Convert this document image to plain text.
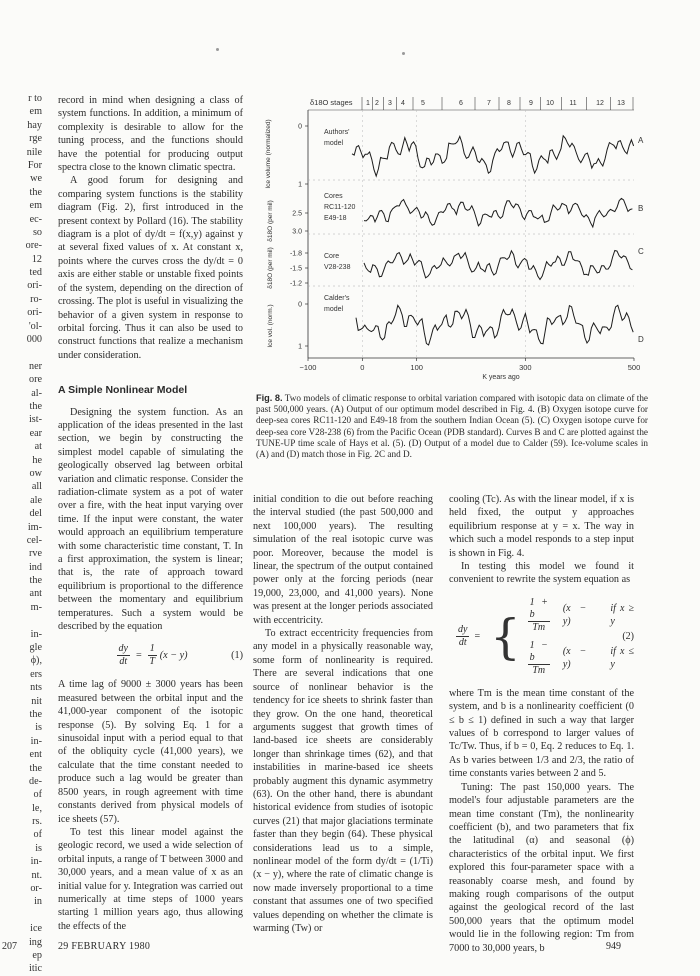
r to
em
hay
rge
nile
For
we
the
em
ec-
so
ore-
12
ted
ori-
ro-
ori-
'ol-
000
ner
ore
al-
the
ist-
ear
at
he
ow
all
ale
del
im-
cel-
rve
ind
the
ant
m-
in-
gle
ϕ),
ers
nts
nit
the
is
in-
ent
the
de-
of
le,
rs.
of
is
in-
nt.
or-
in
ice
ing
ep
itic

record in mind when designing a class of system functions. In addition, a minimum of complexity is desirable to allow for the tuning process, and the functions should have the potential for producing output spectra close to the known climatic spectra.

A good forum for designing and comparing system functions is the stability diagram (Fig. 2), first introduced in the present context by Pollard (16). The stability diagram is a plot of dy/dt = f(x,y) against y at several fixed values of x. At constant x, points where the curves cross the dy/dt = 0 axis are either stable or unstable fixed points of the system, depending on the direction of crossing. The plot is useful in visualizing the behavior of a given system in response to orbital forcing. Thus it can also be used to construct functions that realize a mechanism under consideration.

A Simple Nonlinear Model

Designing the system function. As an application of the ideas presented in the last section, we begin by constructing the simplest model capable of simulating the geologically observed lag between orbital variation and climatic response. Consider the radiation-climate system as a pot of water over a fire, with the heat input varying over time. If the input were constant, the water would approach an equilibrium temperature with some characteristic time constant, T. In a first approximation, the system is linear; that is, the rate of approach toward equilibrium is proportional to the difference between the momentary and equilibrium temperatures. Such a system would be described by the equation

$\frac{dy}{dt} = \frac{1}{T} (x - y)$	(1)

A time lag of 9000 ± 3000 years has been measured between the orbital input and the 41,000-year component of the isotopic response (5). By solving Eq. 1 for a sinusoidal input with a period equal to that of the obliquity cycle (41,000 years), we calculate that the time constant needed to produce such a lag would be greater than 8500 years, in rough agreement with time constants derived from physical models of ice sheets (57).

To test this linear model against the geologic record, we used a wide selection of orbital inputs, a range of T between 3000 and 30,000 years, and a mean value of x as an initial value for y. Integration was carried out numerically at time steps of 1000 years starting 1 million years ago, thus allowing the effects of the

δ18O stages 1 2 3 4 5	6	7 8	9 10 11	12 13
−100	0	100	300	500
K years ago
0
1
2.5
3.0
-1.8
-1.5
-1.2
0
1
Ice volume (normalized)
δ18O (per mil)
δ18O (per mil)
Ice vol. (norm.)
Authors'
model
Cores
RC11-120
E49-18
Core
V28-238
Calder's
model
A
B
C
D
Fig. 8. Two models of climatic response to orbital variation compared with isotopic data on climate of the past 500,000 years. (A) Output of our optimum model described in Fig. 4. (B) Oxygen isotope curve for deep-sea cores RC11-120 and E49-18 from the southern Indian Ocean (5). (C) Oxygen isotope curve for deep-sea core V28-238 (6) from the Pacific Ocean (PDB standard). Curves B and C are plotted against the TUNE-UP time scale of Hays et al. (5). (D) Output of a model due to Calder (59). Ice-volume scales in (A) and (D) match those in Fig. 2C and D.

initial condition to die out before reaching the interval studied (the past 500,000 and next 100,000 years). The resulting simulation of the real isotopic curve was poor. Moreover, because the model is linear, the spectrum of the output contained power only at the forcing periods (near 19,000, 23,000, and 41,000 years). None was present at the longer periods associated with eccentricity.

To extract eccentricity frequencies from any model in a physically reasonable way, some form of nonlinearity is required. There are several indications that one source of nonlinear behavior is the tendency for ice sheets to shrink faster than they grow. On the one hand, theoretical arguments suggest that growth times of land-based ice sheets are considerably longer than shrinkage times (62), and that instabilities in marine-based ice sheets probably augment this dynamic asymmetry (63). On the other hand, there is abundant historical evidence from studies of isotopic curves (21) that major glaciations terminate faster than they begin (64). These physical considerations lead us to a simple, nonlinear model of the form dy/dt = (1/Ti)(x − y), where the rate of climatic change is now made inversely proportional to a time constant that assumes one of two specified values depending on whether the climate is warming (Tw) or

cooling (Tc). As with the linear model, if x is held fixed, the output y approaches equilibrium response at y = x. The way in which such a model responds to a step input is shown in Fig. 4.

In testing this model we found it convenient to rewrite the system equation as

$\frac{dy}{dt}$ = { $\frac{1 + b}{Tm} (x - y)$
if x ≥ y
$\frac{1 - b}{Tm} (x - y)$
if x ≤ y
(2)

where Tm is the mean time constant of the system, and b is a nonlinearity coefficient (0 ≤ b ≤ 1) defined in such a way that larger values of b correspond to larger values of Tc/Tw. Thus, if b = 0, Eq. 2 reduces to Eq. 1. As b varies between 1/3 and 2/3, the ratio of time constants varies between 2 and 5.

Tuning: The past 150,000 years. The model's four adjustable parameters are the mean time constant (Tm), the nonlinearity coefficient (b), and two parameters that fix the latitudinal (α) and seasonal (ϕ) characteristics of the orbital input. We first explored this four-parameter space with a reasonably coarse mesh, and found by making rough comparisons of the output against the geological record of the last 500,000 years that the optimum model would lie in the following region: Tm from 7000 to 30,000 years, b

207	29 FEBRUARY 1980	949
